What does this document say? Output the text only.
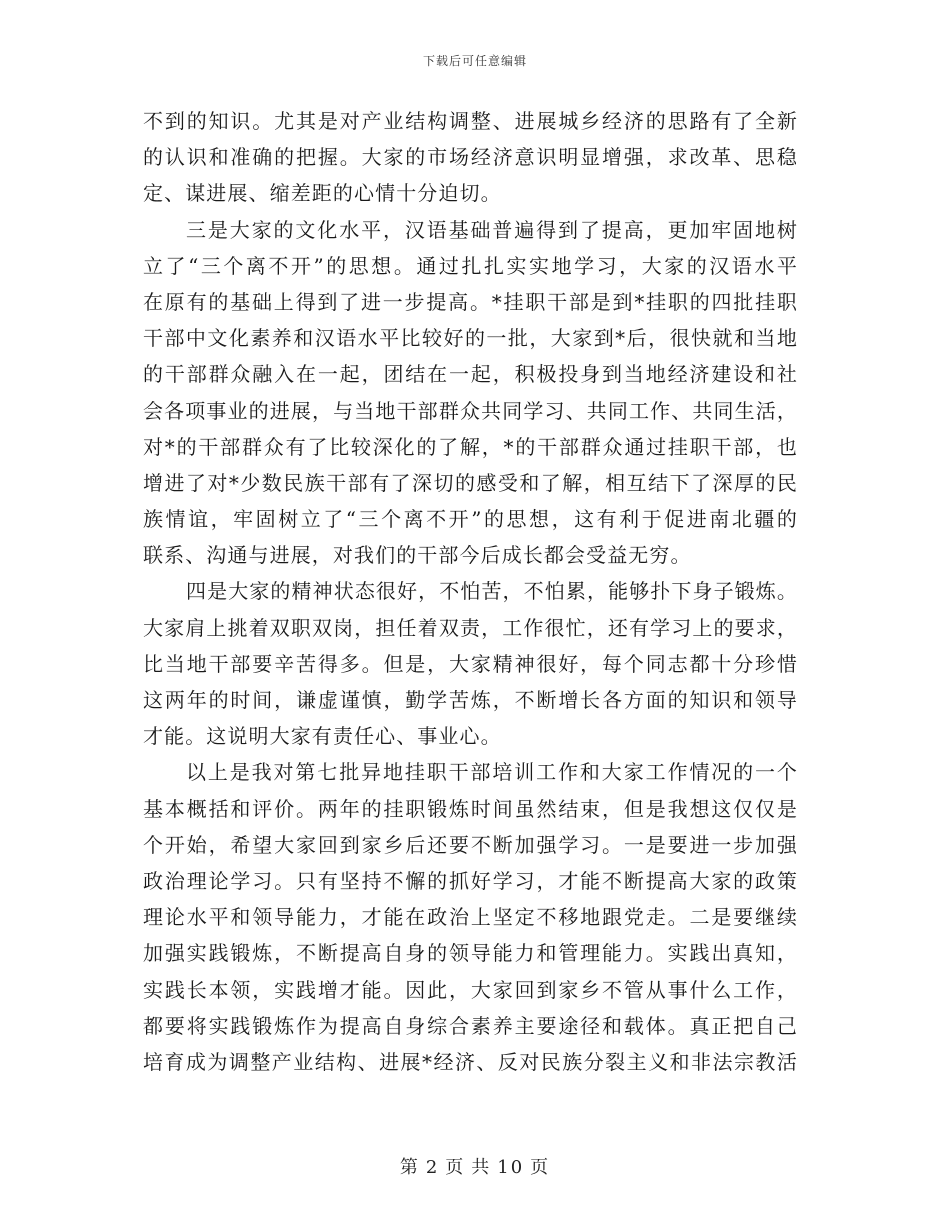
下载后可任意编辑
不到的知识。尤其是对产业结构调整、进展城乡经济的思路有了全新
的认识和准确的把握。大家的市场经济意识明显增强，求改革、思稳
定、谋进展、缩差距的心情十分迫切。
三是大家的文化水平，汉语基础普遍得到了提高，更加牢固地树
立了“三个离不开”的思想。通过扎扎实实地学习，大家的汉语水平
在原有的基础上得到了进一步提高。*挂职干部是到*挂职的四批挂职
干部中文化素养和汉语水平比较好的一批，大家到*后，很快就和当地
的干部群众融入在一起，团结在一起，积极投身到当地经济建设和社
会各项事业的进展，与当地干部群众共同学习、共同工作、共同生活，
对*的干部群众有了比较深化的了解，*的干部群众通过挂职干部，也
增进了对*少数民族干部有了深切的感受和了解，相互结下了深厚的民
族情谊，牢固树立了“三个离不开”的思想，这有利于促进南北疆的
联系、沟通与进展，对我们的干部今后成长都会受益无穷。
四是大家的精神状态很好，不怕苦，不怕累，能够扑下身子锻炼。
大家肩上挑着双职双岗，担任着双责，工作很忙，还有学习上的要求，
比当地干部要辛苦得多。但是，大家精神很好，每个同志都十分珍惜
这两年的时间，谦虚谨慎，勤学苦炼，不断增长各方面的知识和领导
才能。这说明大家有责任心、事业心。
以上是我对第七批异地挂职干部培训工作和大家工作情况的一个
基本概括和评价。两年的挂职锻炼时间虽然结束，但是我想这仅仅是
个开始，希望大家回到家乡后还要不断加强学习。一是要进一步加强
政治理论学习。只有坚持不懈的抓好学习，才能不断提高大家的政策
理论水平和领导能力，才能在政治上坚定不移地跟党走。二是要继续
加强实践锻炼，不断提高自身的领导能力和管理能力。实践出真知，
实践长本领，实践增才能。因此，大家回到家乡不管从事什么工作，
都要将实践锻炼作为提高自身综合素养主要途径和载体。真正把自己
培育成为调整产业结构、进展*经济、反对民族分裂主义和非法宗教活
第 2 页 共 10 页
